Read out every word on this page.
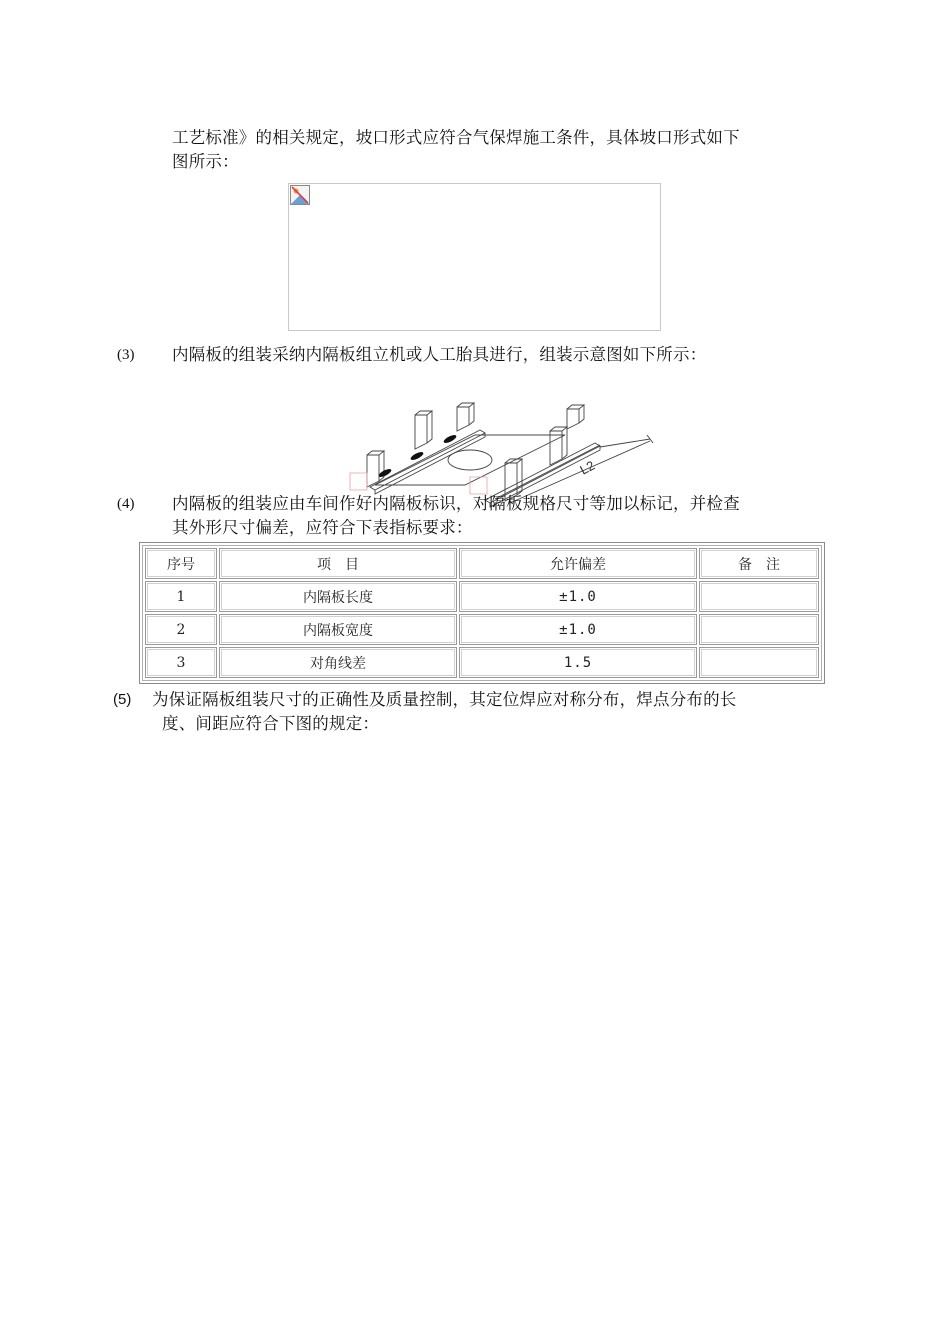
工艺标准》的相关规定，坡口形式应符合气保焊施工条件，具体坡口形式如下
图所示：
(3) 内隔板的组装采纳内隔板组立机或人工胎具进行，组装示意图如下所示：
L2
(4) 内隔板的组装应由车间作好内隔板标识，对隔板规格尺寸等加以标记，并检查
其外形尺寸偏差，应符合下表指标要求：
序号	项　目	允许偏差	备　注
1	内隔板长度	±1.0	
2	内隔板宽度	±1.0	
3	对角线差	1.5	
(5) 为保证隔板组装尺寸的正确性及质量控制，其定位焊应对称分布，焊点分布的长
度、间距应符合下图的规定：
